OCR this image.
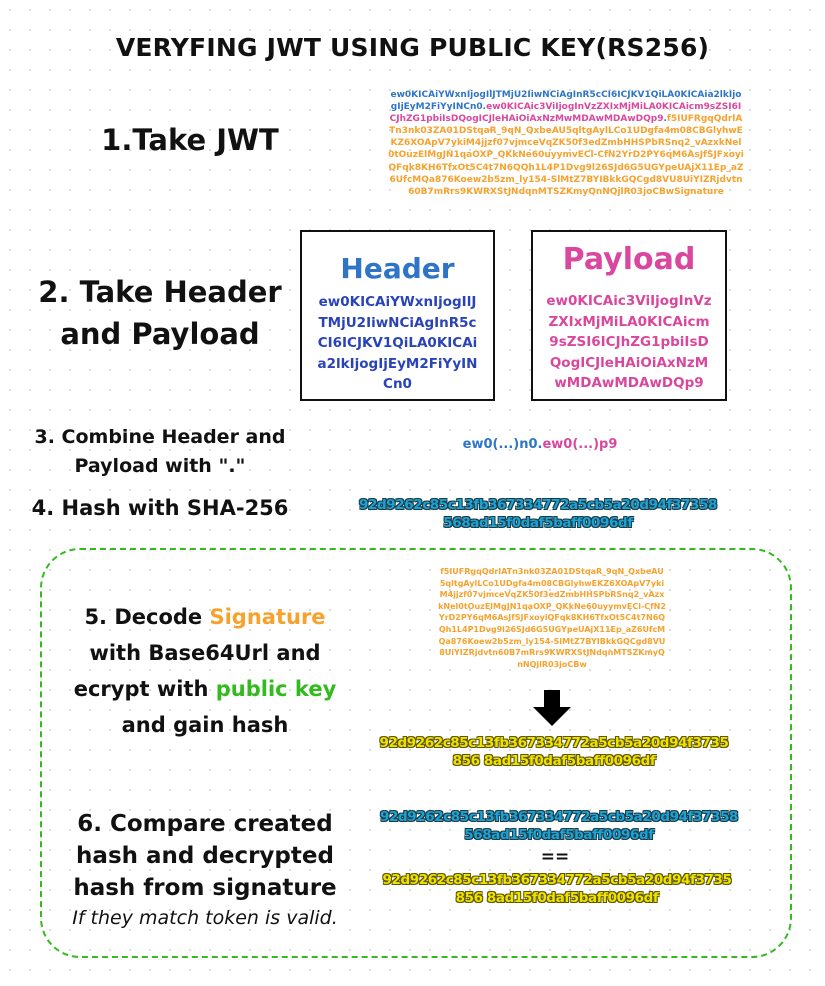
VERYFING JWT USING PUBLIC KEY(RS256)
1.Take JWT
ew0KICAiYWxnIjogIlJTMjU2IiwNCiAgInR5cCI6ICJKV1QiLA0KICAia2lkIjogIjEyM2FiYyINCn0.ew0KICAic3ViIjogInVzZXIxMjMiLA0KICAicm9sZSI6ICJhZG1pbiIsDQogICJleHAiOiAxNzMwMDAwMDAwDQp9.f5IUFRgqQdrlATn3nk03ZA01DStqaR_9qN_QxbeAU5qltgAylLCo1UDgfa4m08CBGlyhwEKZ6XOApV7ykiM4jjzf07vjmceVqZK50f3edZmbHHSPbRSnq2_vAzxkNel0tOuzElMgJN1qaOXP_QKkNe60uyymvECl-CfN2YrD2PY6qM6AsJfSJFxoyiQFqk8KH6TfxOt5C4t7N6QQh1L4P1Dvg9l26SJd6G5UGYpeUAjX11Ep_aZ6UfcMQa876Koew2b5zm_ly154-SlMtZ7BYIBkkGQCgd8VU8UiYIZRjdvtn60B7mRrs9KWRXStJNdqnMTSZKmyQnNQjlR03joCBwSignature
2. Take Header and Payload
Header
ew0KICAiYWxnIjogIlJTMjU2IiwNCiAgInR5cCI6ICJKV1QiLA0KICAia2lkIjogIjEyM2FiYyINCn0
Payload
ew0KICAic3ViIjogInVzZXIxMjMiLA0KICAicm9sZSI6ICJhZG1pbiIsDQogICJleHAiOiAxNzMwMDAwMDAwDQp9
3. Combine Header and Payload with "."
ew0(...)n0.ew0(...)p9
4. Hash with SHA-256	92d9262c85c13fb367334772a5cb5a20d94f37358568ad15f0daf5baff0096df
5. Decode Signature with Base64Url and ecrypt with public key and gain hash
f5IUFRgqQdrlATn3nk03ZA01DStqaR_9qN_QxbeAU5qltgAylLCo1UDgfa4m08CBGlyhwEKZ6XOApV7ykiM4jjzf07vjmceVqZK50f3edZmbHHSPbRSnq2_vAzxkNel0tOuzElMgJN1qaOXP_QKkNe60uyymvECl-CfN2YrD2PY6qM6AsJfSJFxoyiQFqk8KH6TfxOt5C4t7N6QQh1L4P1Dvg9l26SJd6G5UGYpeUAjX11Ep_aZ6UfcMQa876Koew2b5zm_ly154-SlMtZ7BYIBkkGQCgd8VU8UiYIZRjdvtn60B7mRrs9KWRXStJNdqnMTSZKmyQnNQjlR03joCBw
92d9262c85c13fb367334772a5cb5a20d94f3735856 8ad15f0daf5baff0096df
6. Compare created hash and decrypted hash from signature
If they match token is valid.
92d9262c85c13fb367334772a5cb5a20d94f37358568ad15f0daf5baff0096df
==
92d9262c85c13fb367334772a5cb5a20d94f3735856 8ad15f0daf5baff0096df
